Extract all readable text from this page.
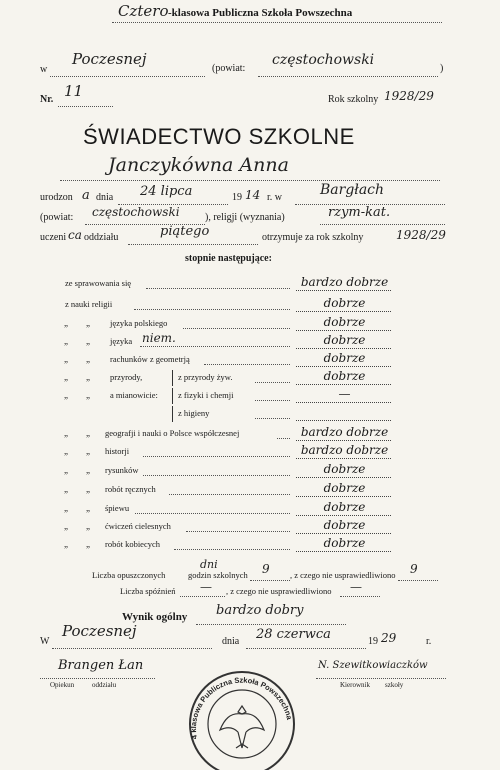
Cztero -klasowa Publiczna Szkoła Powszechna
w
Poczesnej
(powiat:
częstochowski
)
Nr. 11	Rok szkolny 1928/29
ŚWIADECTWO SZKOLNE
Janczykówna Anna
urodzon a dnia 24 lipca	19 14 r. w	Bargłach
(powiat: częstochowski	), religji (wyznania)	rzym-kat.
uczeni ca oddziału	piątego	otrzymuje za rok szkolny	1928/29
stopnie następujące:
ze sprawowania się	bardzo dobrze
z nauki religii	dobrze
„ „ języka polskiego	dobrze
„ „ języka niem.	dobrze
„ „ rachunków z geometrją	dobrze
„ „ przyrody,	z przyrody żyw.	dobrze
„ „ a mianowicie: z fizyki i chemji	—
z higieny
„ „ geografji i nauki o Polsce współczesnej	bardzo dobrze
„ „ historji	bardzo dobrze
„ „ rysunków	dobrze
„ „ robót ręcznych	dobrze
„ „ śpiewu	dobrze
„ „ ćwiczeń cielesnych	dobrze
„ „ robót kobiecych	dobrze
Liczba opuszczonych
dni
godzin szkolnych 9 , z czego nie usprawiedliwiono 9
Liczba spóźnień — , z czego nie usprawiedliwiono —
Wynik ogólny bardzo dobry
W
Poczesnej
dnia 28 czerwca	19 29	r.
Brangen Łan
Opiekun	oddziału
N. Szewitkowiaczków
Kierownik szkoły
4 klasowa Publiczna Szkoła Powszechna
